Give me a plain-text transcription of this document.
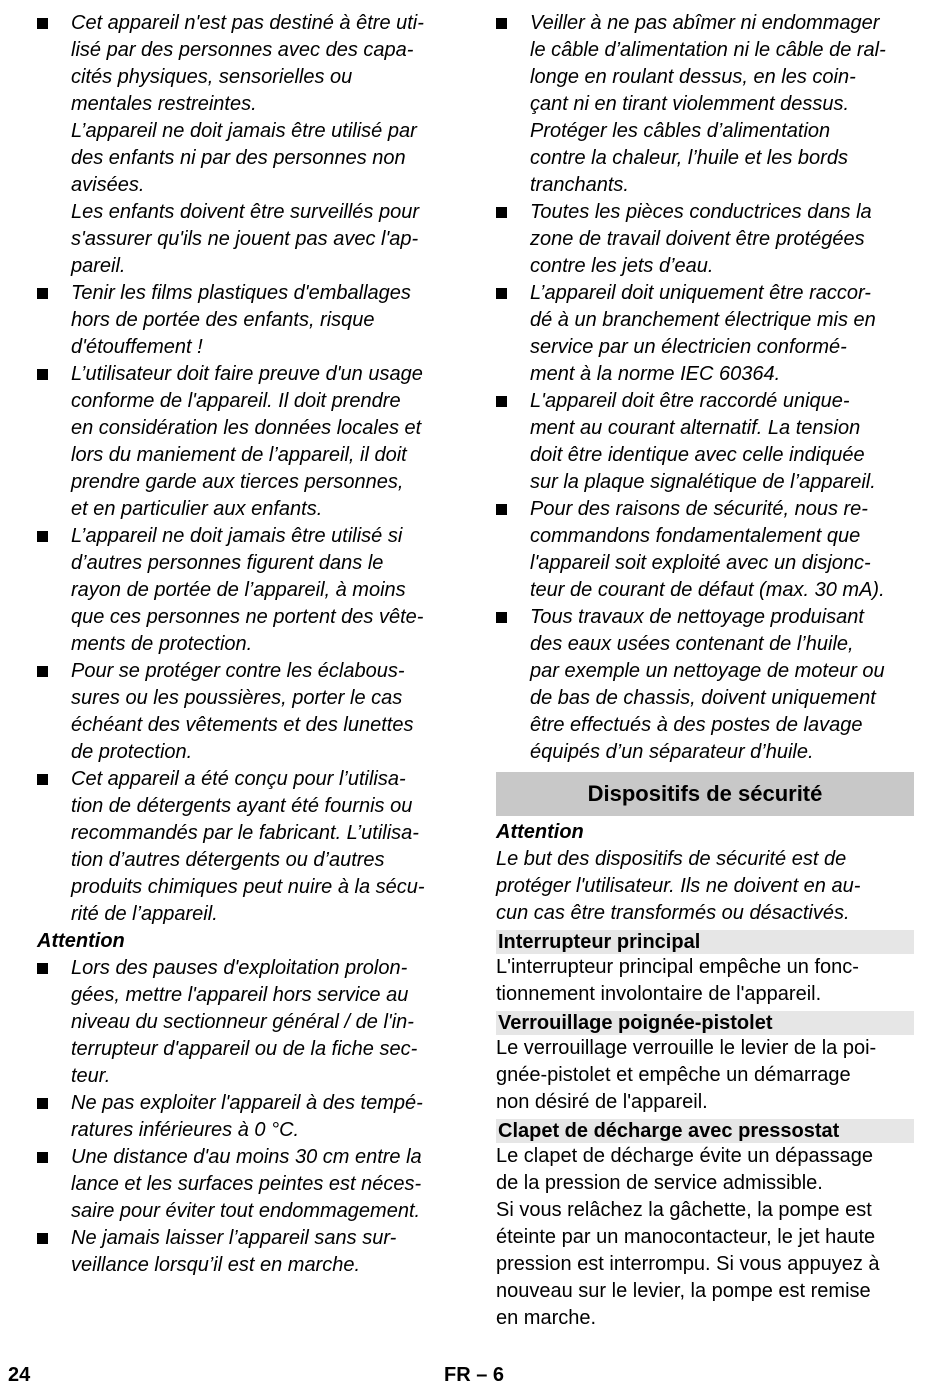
Cet appareil n'est pas destiné à être uti-
lisé par des personnes avec des capa-
cités physiques, sensorielles ou
mentales restreintes.
L’appareil ne doit jamais être utilisé par
des enfants ni par des personnes non
avisées.
Les enfants doivent être surveillés pour
s'assurer qu'ils ne jouent pas avec l'ap-
pareil.
Tenir les films plastiques d'emballages
hors de portée des enfants, risque
d'étouffement !
L’utilisateur doit faire preuve d'un usage
conforme de l'appareil. Il doit prendre
en considération les données locales et
lors du maniement de l’appareil, il doit
prendre garde aux tierces personnes,
et en particulier aux enfants.
L’appareil ne doit jamais être utilisé si
d’autres personnes figurent dans le
rayon de portée de l’appareil, à moins
que ces personnes ne portent des vête-
ments de protection.
Pour se protéger contre les éclabous-
sures ou les poussières, porter le cas
échéant des vêtements et des lunettes
de protection.
Cet appareil a été conçu pour l’utilisa-
tion de détergents ayant été fournis ou
recommandés par le fabricant. L’utilisa-
tion d’autres détergents ou d’autres
produits chimiques peut nuire à la sécu-
rité de l’appareil.
Attention
Lors des pauses d'exploitation prolon-
gées, mettre l'appareil hors service au
niveau du sectionneur général / de l'in-
terrupteur d'appareil ou de la fiche sec-
teur.
Ne pas exploiter l'appareil à des tempé-
ratures inférieures à 0 °C.
Une distance d'au moins 30 cm entre la
lance et les surfaces peintes est néces-
saire pour éviter tout endommagement.
Ne jamais laisser l’appareil sans sur-
veillance lorsqu’il est en marche.
Veiller à ne pas abîmer ni endommager
le câble d’alimentation ni le câble de ral-
longe en roulant dessus, en les coin-
çant ni en tirant violemment dessus.
Protéger les câbles d’alimentation
contre la chaleur, l’huile et les bords
tranchants.
Toutes les pièces conductrices dans la
zone de travail doivent être protégées
contre les jets d’eau.
L’appareil doit uniquement être raccor-
dé à un branchement électrique mis en
service par un électricien conformé-
ment à la norme IEC 60364.
L'appareil doit être raccordé unique-
ment au courant alternatif. La tension
doit être identique avec celle indiquée
sur la plaque signalétique de l’appareil.
Pour des raisons de sécurité, nous re-
commandons fondamentalement que
l'appareil soit exploité avec un disjonc-
teur de courant de défaut (max. 30 mA).
Tous travaux de nettoyage produisant
des eaux usées contenant de l’huile,
par exemple un nettoyage de moteur ou
de bas de chassis, doivent uniquement
être effectués à des postes de lavage
équipés d’un séparateur d’huile.
Dispositifs de sécurité
Attention
Le but des dispositifs de sécurité est de
protéger l'utilisateur. Ils ne doivent en au-
cun cas être transformés ou désactivés.
Interrupteur principal
L'interrupteur principal empêche un fonc-
tionnement involontaire de l'appareil.
Verrouillage poignée-pistolet
Le verrouillage verrouille le levier de la poi-
gnée-pistolet et empêche un démarrage
non désiré de l'appareil.
Clapet de décharge avec pressostat
Le clapet de décharge évite un dépassage
de la pression de service admissible.
Si vous relâchez la gâchette, la pompe est
éteinte par un manocontacteur, le jet haute
pression est interrompu. Si vous appuyez à
nouveau sur le levier, la pompe est remise
en marche.
24	FR – 6
